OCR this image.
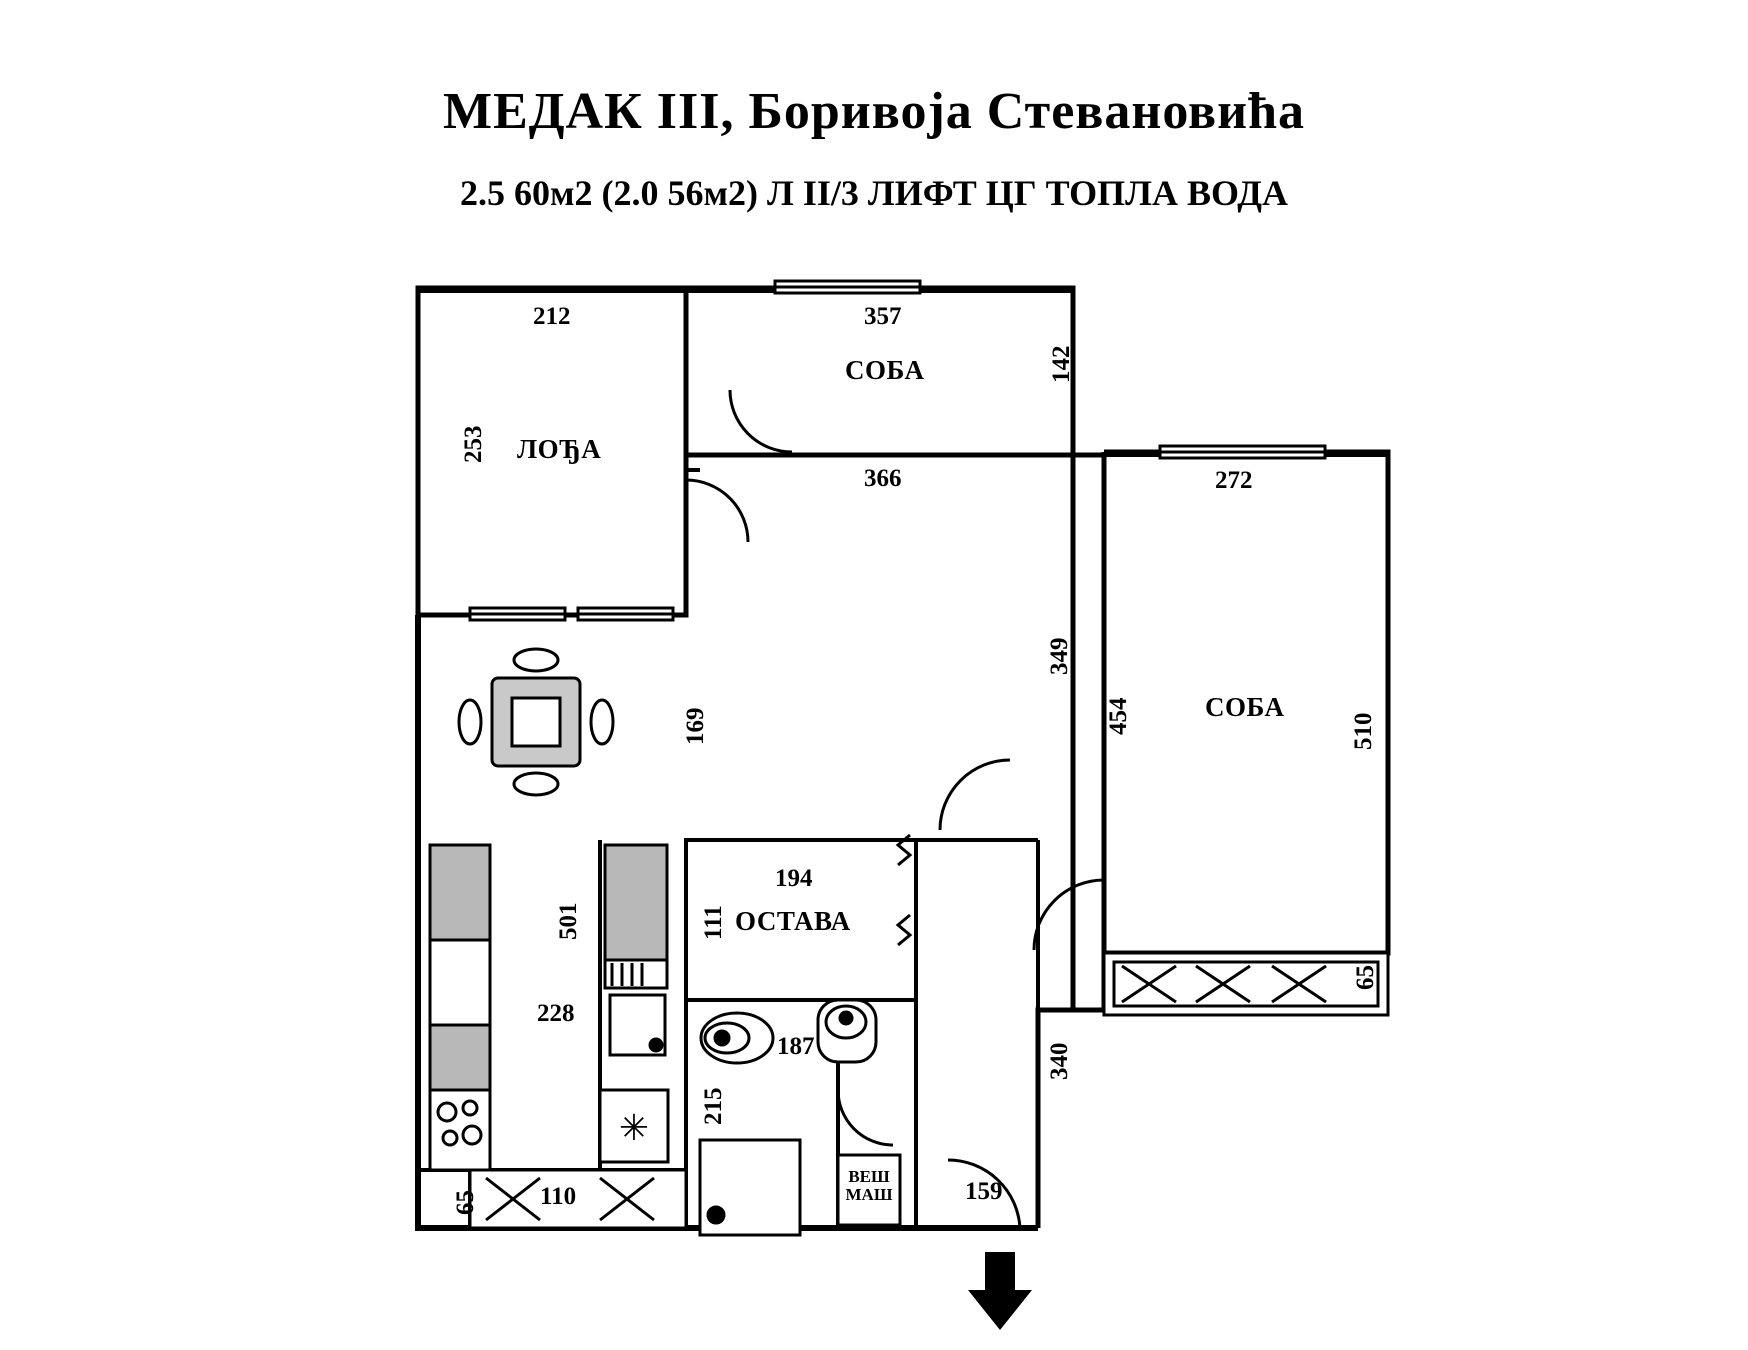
МЕДАК III, Боривоја Стевановића
2.5 60м2 (2.0 56м2) Л II/3 ЛИФТ ЦГ ТОПЛА ВОДА
✳
212
253 ЛОЂА
357
СОБА	142
366	272
СОБА
510
349
454
340
169
501
228
110
65
194
ОСТАВА
111
187
215
159
65
ВЕШ
МАШ
